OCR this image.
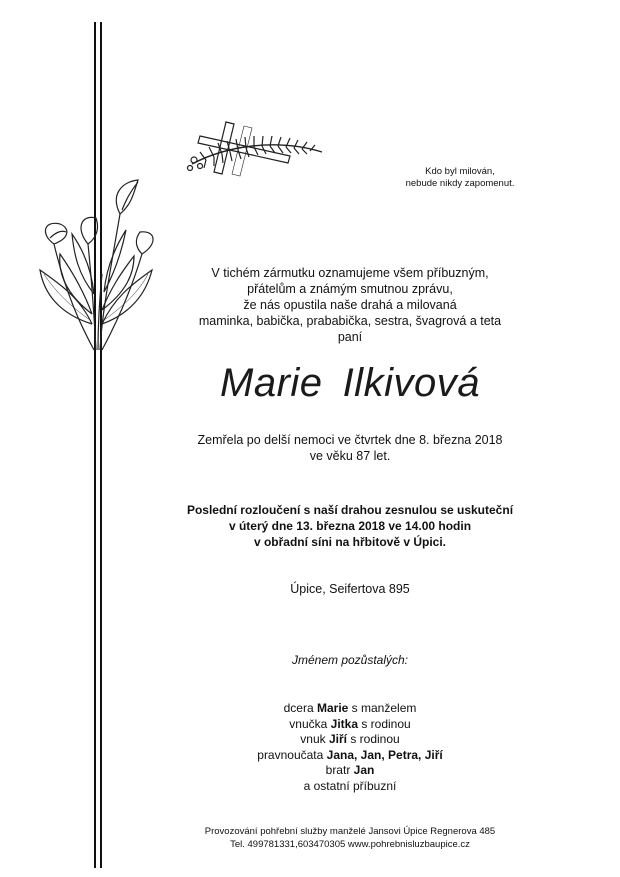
Kdo byl milován,
nebude nikdy zapomenut.
V tichém zármutku oznamujeme všem příbuzným,
přátelům a známým smutnou zprávu,
že nás opustila naše drahá a milovaná
maminka, babička, prababička, sestra, švagrová a teta
paní
Marie Ilkivová
Zemřela po delší nemoci ve čtvrtek dne 8. března 2018
ve věku 87 let.
Poslední rozloučení s naší drahou zesnulou se uskuteční
v úterý dne 13. března 2018 ve 14.00 hodin
v obřadní síni na hřbitově v Úpici.
Úpice, Seifertova 895
Jménem pozůstalých:
dcera Marie s manželem
vnučka Jitka s rodinou
vnuk Jiří s rodinou
pravnoučata Jana, Jan, Petra, Jiří
bratr Jan
a ostatní příbuzní
Provozování pohřební služby manželé Jansovi Úpice Regnerova 485
Tel. 499781331,603470305 www.pohrebnisluzbaupice.cz
